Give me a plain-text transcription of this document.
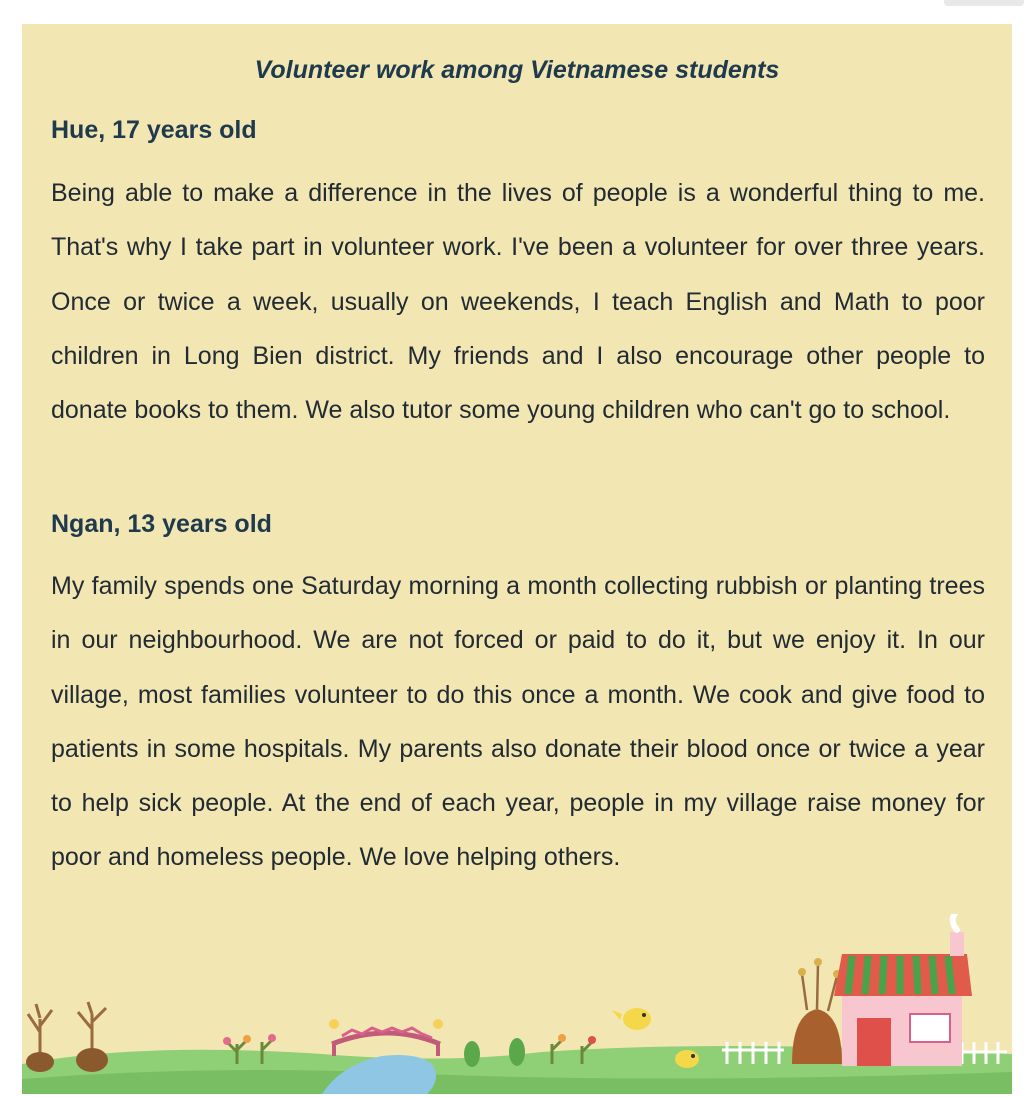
Volunteer work among Vietnamese students
Hue, 17 years old

Being able to make a difference in the lives of people is a wonderful thing to me. That's why I take part in volunteer work. I've been a volunteer for over three years. Once or twice a week, usually on weekends, I teach English and Math to poor children in Long Bien district. My friends and I also encourage other people to donate books to them. We also tutor some young children who can't go to school.

Ngan, 13 years old

My family spends one Saturday morning a month collecting rubbish or planting trees in our neighbourhood. We are not forced or paid to do it, but we enjoy it. In our village, most families volunteer to do this once a month. We cook and give food to patients in some hospitals. My parents also donate their blood once or twice a year to help sick people. At the end of each year, people in my village raise money for poor and homeless people. We love helping others.
